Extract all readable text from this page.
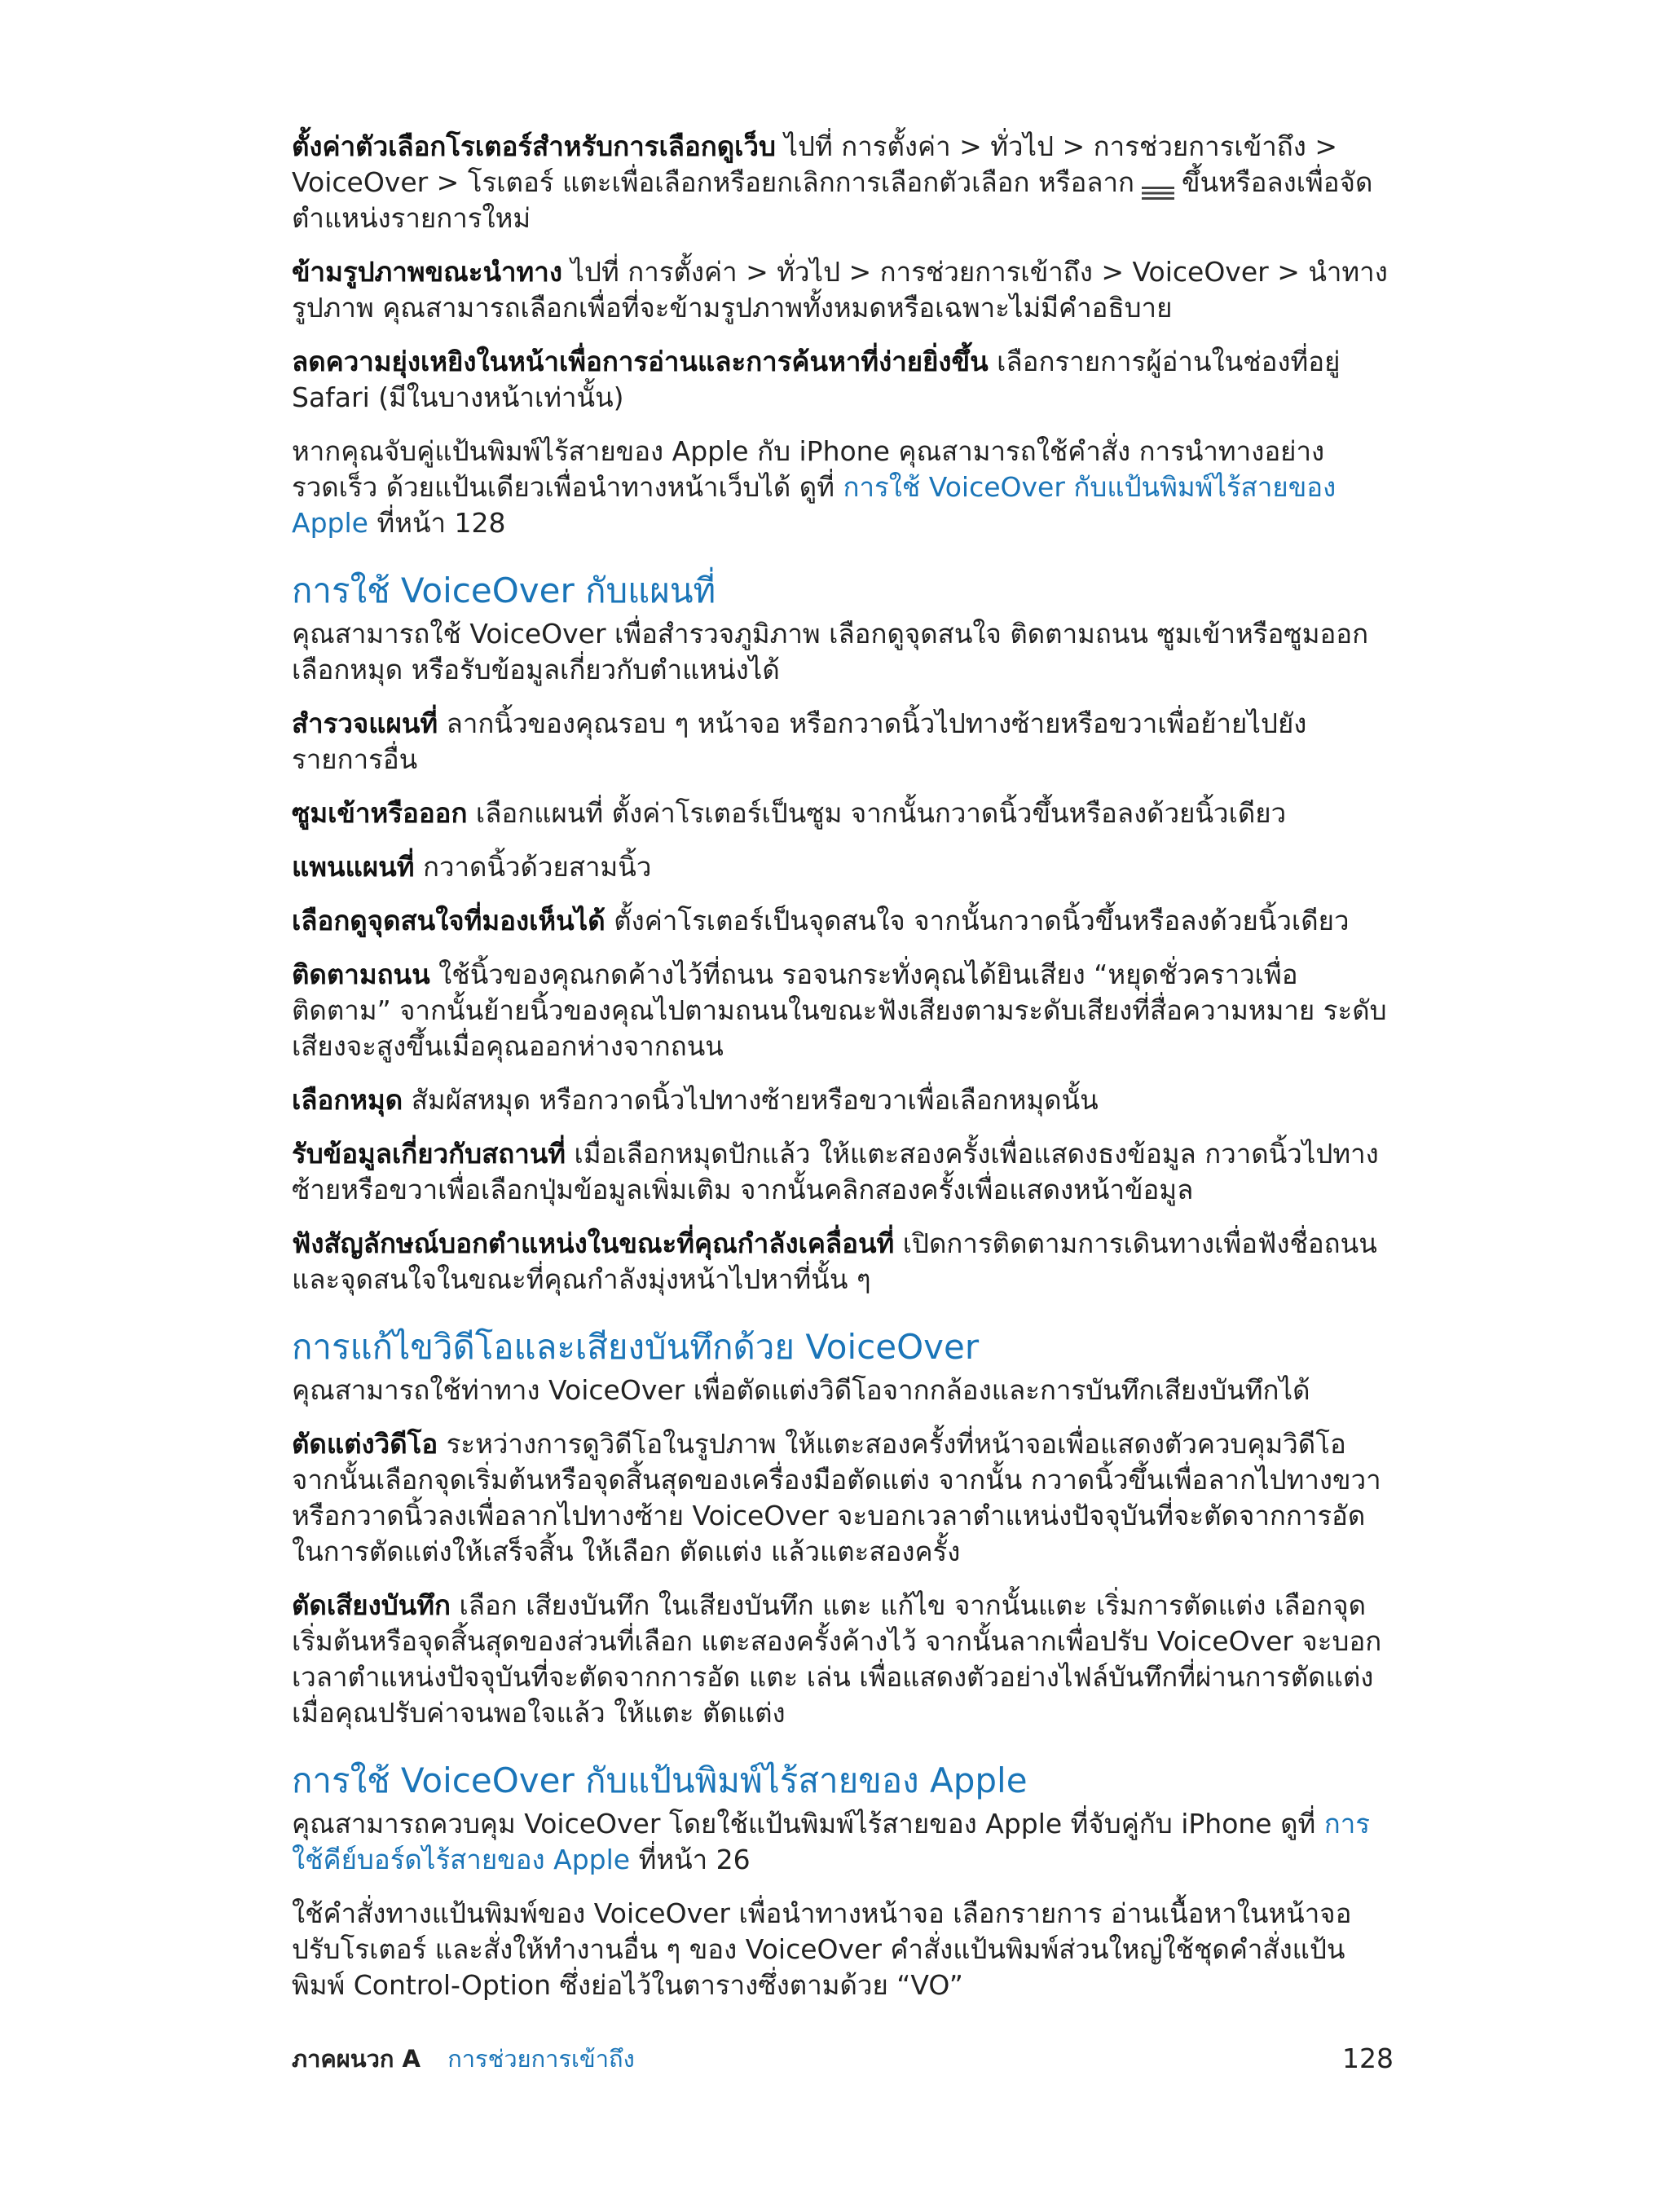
ตั้งค่าตัวเลือกโรเตอร์สำหรับการเลือกดูเว็บ ไปที่ การตั้งค่า > ทั่วไป > การช่วยการเข้าถึง > VoiceOver > โรเตอร์ แตะเพื่อเลือกหรือยกเลิกการเลือกตัวเลือก หรือลาก ขึ้นหรือลงเพื่อจัดตำแหน่งรายการใหม่

ข้ามรูปภาพขณะนำทาง ไปที่ การตั้งค่า > ทั่วไป > การช่วยการเข้าถึง > VoiceOver > นำทางรูปภาพ คุณสามารถเลือกเพื่อที่จะข้ามรูปภาพทั้งหมดหรือเฉพาะไม่มีคำอธิบาย

ลดความยุ่งเหยิงในหน้าเพื่อการอ่านและการค้นหาที่ง่ายยิ่งขึ้น เลือกรายการผู้อ่านในช่องที่อยู่ Safari (มีในบางหน้าเท่านั้น)

หากคุณจับคู่แป้นพิมพ์ไร้สายของ Apple กับ iPhone คุณสามารถใช้คำสั่ง การนำทางอย่างรวดเร็ว ด้วยแป้นเดียวเพื่อนำทางหน้าเว็บได้ ดูที่ การใช้ VoiceOver กับแป้นพิมพ์ไร้สายของ Apple ที่หน้า 128

การใช้ VoiceOver กับแผนที่

คุณสามารถใช้ VoiceOver เพื่อสำรวจภูมิภาพ เลือกดูจุดสนใจ ติดตามถนน ซูมเข้าหรือซูมออก เลือกหมุด หรือรับข้อมูลเกี่ยวกับตำแหน่งได้

สำรวจแผนที่ ลากนิ้วของคุณรอบ ๆ หน้าจอ หรือกวาดนิ้วไปทางซ้ายหรือขวาเพื่อย้ายไปยังรายการอื่น

ซูมเข้าหรือออก เลือกแผนที่ ตั้งค่าโรเตอร์เป็นซูม จากนั้นกวาดนิ้วขึ้นหรือลงด้วยนิ้วเดียว

แพนแผนที่ กวาดนิ้วด้วยสามนิ้ว

เลือกดูจุดสนใจที่มองเห็นได้ ตั้งค่าโรเตอร์เป็นจุดสนใจ จากนั้นกวาดนิ้วขึ้นหรือลงด้วยนิ้วเดียว

ติดตามถนน ใช้นิ้วของคุณกดค้างไว้ที่ถนน รอจนกระทั่งคุณได้ยินเสียง “หยุดชั่วคราวเพื่อติดตาม” จากนั้นย้ายนิ้วของคุณไปตามถนนในขณะฟังเสียงตามระดับเสียงที่สื่อความหมาย ระดับเสียงจะสูงขึ้นเมื่อคุณออกห่างจากถนน

เลือกหมุด สัมผัสหมุด หรือกวาดนิ้วไปทางซ้ายหรือขวาเพื่อเลือกหมุดนั้น

รับข้อมูลเกี่ยวกับสถานที่ เมื่อเลือกหมุดปักแล้ว ให้แตะสองครั้งเพื่อแสดงธงข้อมูล กวาดนิ้วไปทางซ้ายหรือขวาเพื่อเลือกปุ่มข้อมูลเพิ่มเติม จากนั้นคลิกสองครั้งเพื่อแสดงหน้าข้อมูล

ฟังสัญลักษณ์บอกตำแหน่งในขณะที่คุณกำลังเคลื่อนที่ เปิดการติดตามการเดินทางเพื่อฟังชื่อถนนและจุดสนใจในขณะที่คุณกำลังมุ่งหน้าไปหาที่นั้น ๆ

การแก้ไขวิดีโอและเสียงบันทึกด้วย VoiceOver

คุณสามารถใช้ท่าทาง VoiceOver เพื่อตัดแต่งวิดีโอจากกล้องและการบันทึกเสียงบันทึกได้

ตัดแต่งวิดีโอ ระหว่างการดูวิดีโอในรูปภาพ ให้แตะสองครั้งที่หน้าจอเพื่อแสดงตัวควบคุมวิดีโอ จากนั้นเลือกจุดเริ่มต้นหรือจุดสิ้นสุดของเครื่องมือตัดแต่ง จากนั้น กวาดนิ้วขึ้นเพื่อลากไปทางขวา หรือกวาดนิ้วลงเพื่อลากไปทางซ้าย VoiceOver จะบอกเวลาตำแหน่งปัจจุบันที่จะตัดจากการอัด ในการตัดแต่งให้เสร็จสิ้น ให้เลือก ตัดแต่ง แล้วแตะสองครั้ง

ตัดเสียงบันทึก เลือก เสียงบันทึก ในเสียงบันทึก แตะ แก้ไข จากนั้นแตะ เริ่มการตัดแต่ง เลือกจุดเริ่มต้นหรือจุดสิ้นสุดของส่วนที่เลือก แตะสองครั้งค้างไว้ จากนั้นลากเพื่อปรับ VoiceOver จะบอกเวลาตำแหน่งปัจจุบันที่จะตัดจากการอัด แตะ เล่น เพื่อแสดงตัวอย่างไฟล์บันทึกที่ผ่านการตัดแต่ง เมื่อคุณปรับค่าจนพอใจแล้ว ให้แตะ ตัดแต่ง

การใช้ VoiceOver กับแป้นพิมพ์ไร้สายของ Apple

คุณสามารถควบคุม VoiceOver โดยใช้แป้นพิมพ์ไร้สายของ Apple ที่จับคู่กับ iPhone ดูที่ การใช้คีย์บอร์ดไร้สายของ Apple ที่หน้า 26

ใช้คำสั่งทางแป้นพิมพ์ของ VoiceOver เพื่อนำทางหน้าจอ เลือกรายการ อ่านเนื้อหาในหน้าจอ ปรับโรเตอร์ และสั่งให้ทำงานอื่น ๆ ของ VoiceOver คำสั่งแป้นพิมพ์ส่วนใหญ่ใช้ชุดคำสั่งแป้นพิมพ์ Control-Option ซึ่งย่อไว้ในตารางซึ่งตามด้วย “VO”

ภาคผนวก A การช่วยการเข้าถึง	128
